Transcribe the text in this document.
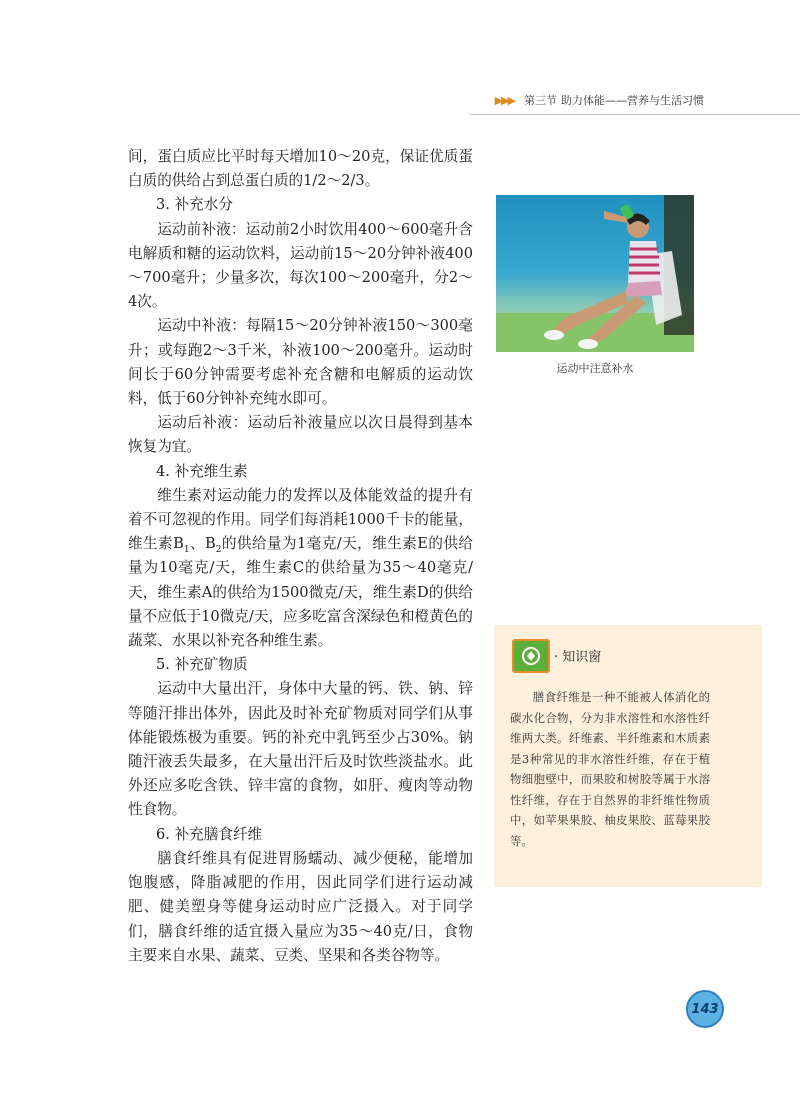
▶▶▶ 第三节 助力体能——营养与生活习惯

间，蛋白质应比平时每天增加10～20克，保证优质蛋白质的供给占到总蛋白质的1/2～2/3。

3. 补充水分

运动前补液：运动前2小时饮用400～600毫升含电解质和糖的运动饮料，运动前15～20分钟补液400～700毫升；少量多次，每次100～200毫升，分2～4次。

运动中补液：每隔15～20分钟补液150～300毫升；或每跑2～3千米，补液100～200毫升。运动时间长于60分钟需要考虑补充含糖和电解质的运动饮料，低于60分钟补充纯水即可。

运动后补液：运动后补液量应以次日晨得到基本恢复为宜。

4. 补充维生素

维生素对运动能力的发挥以及体能效益的提升有着不可忽视的作用。同学们每消耗1000千卡的能量，维生素$B_1$、$B_2$的供给量为1毫克/天，维生素E的供给量为10毫克/天，维生素C的供给量为35～40毫克/天，维生素A的供给为1500微克/天，维生素D的供给量不应低于10微克/天，应多吃富含深绿色和橙黄色的蔬菜、水果以补充各种维生素。

5. 补充矿物质

运动中大量出汗，身体中大量的钙、铁、钠、锌等随汗排出体外，因此及时补充矿物质对同学们从事体能锻炼极为重要。钙的补充中乳钙至少占30%。钠随汗液丢失最多，在大量出汗后及时饮些淡盐水。此外还应多吃含铁、锌丰富的食物，如肝、瘦肉等动物性食物。

6. 补充膳食纤维

膳食纤维具有促进胃肠蠕动、减少便秘，能增加饱腹感，降脂减肥的作用，因此同学们进行运动减肥、健美塑身等健身运动时应广泛摄入。对于同学们，膳食纤维的适宜摄入量应为35～40克/日，食物主要来自水果、蔬菜、豆类、坚果和各类谷物等。

运动中注意补水
· 知识窗

膳食纤维是一种不能被人体消化的碳水化合物，分为非水溶性和水溶性纤维两大类。纤维素、半纤维素和木质素是3种常见的非水溶性纤维，存在于植物细胞壁中，而果胶和树胶等属于水溶性纤维，存在于自然界的非纤维性物质中，如苹果果胶、柚皮果胶、蓝莓果胶等。

143
